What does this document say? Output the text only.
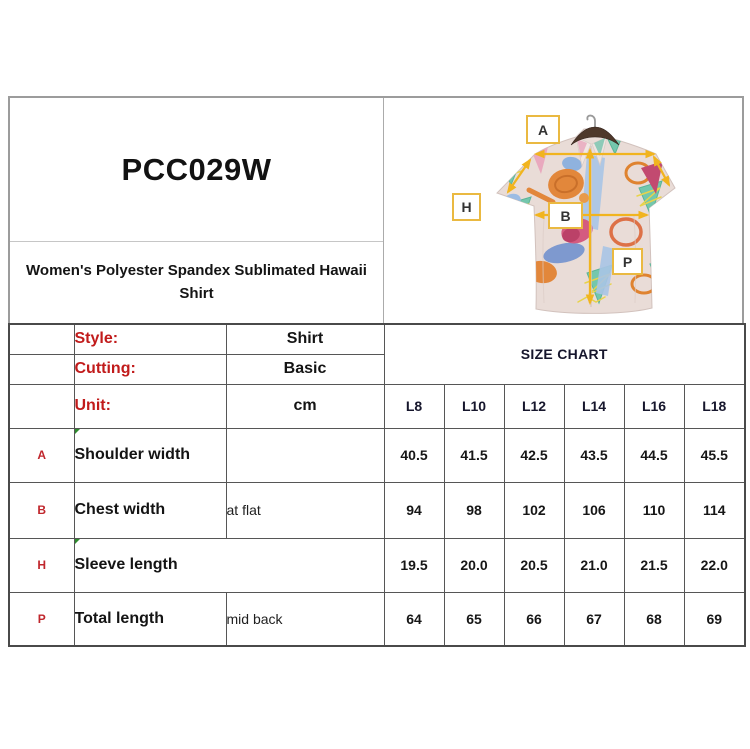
PCC029W
Women's Polyester Spandex Sublimated Hawaii Shirt
A
H
B
P
	Style:	Shirt	SIZE CHART					
	Cutting:	Basic						
	Unit:	cm	L8	L10	L12	L14	L16	L18
A	Shoulder width		40.5	41.5	42.5	43.5	44.5	45.5
B	Chest width	at flat	94	98	102	106	110	114
H	Sleeve length		19.5	20.0	20.5	21.0	21.5	22.0
P	Total length	mid back	64	65	66	67	68	69
